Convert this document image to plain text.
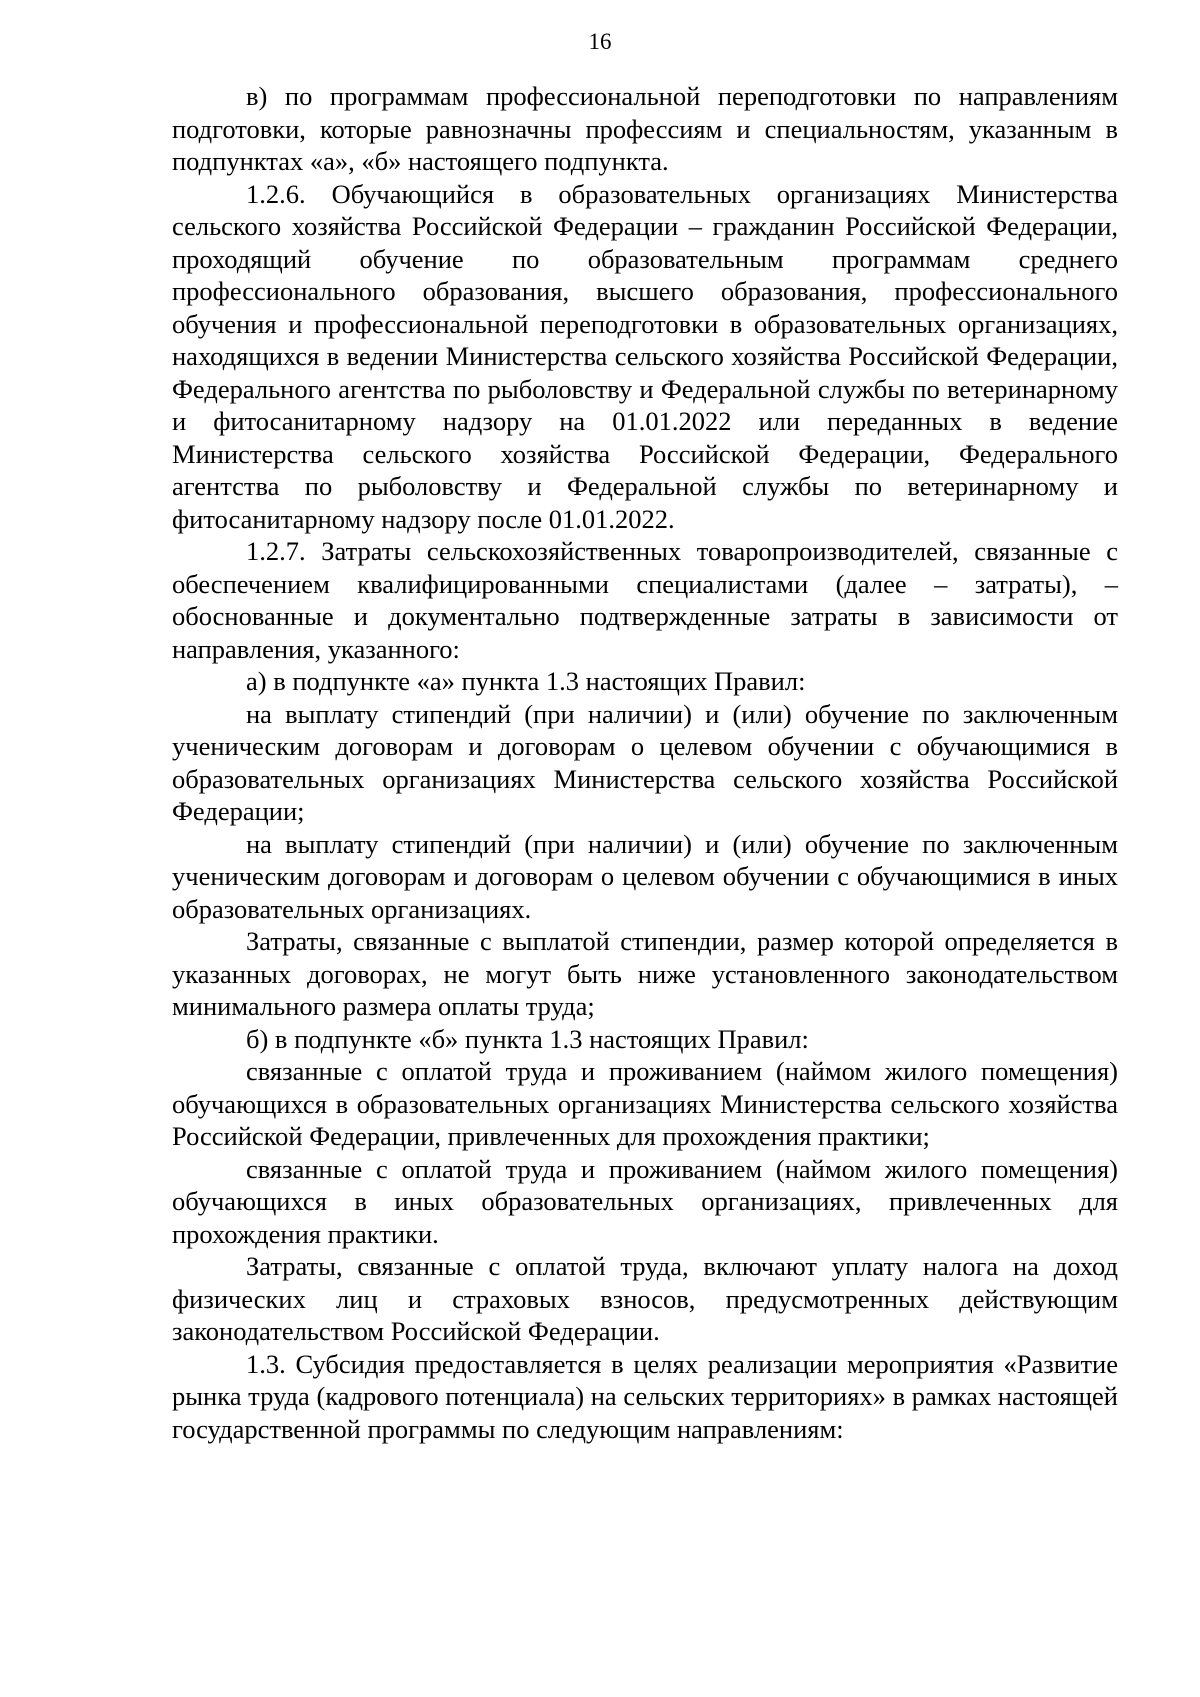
16

в) по программам профессиональной переподготовки по направлениям подготовки, которые равнозначны профессиям и специальностям, указанным в подпунктах «а», «б» настоящего подпункта.

1.2.6. Обучающийся в образовательных организациях Министерства сельского хозяйства Российской Федерации – гражданин Российской Федерации, проходящий обучение по образовательным программам среднего профессионального образования, высшего образования, профессионального обучения и профессиональной переподготовки в образовательных организациях, находящихся в ведении Министерства сельского хозяйства Российской Федерации, Федерального агентства по рыболовству и Федеральной службы по ветеринарному и фитосанитарному надзору на 01.01.2022 или переданных в ведение Министерства сельского хозяйства Российской Федерации, Федерального агентства по рыболовству и Федеральной службы по ветеринарному и фитосанитарному надзору после 01.01.2022.

1.2.7. Затраты сельскохозяйственных товаропроизводителей, связанные с обеспечением квалифицированными специалистами (далее – затраты), – обоснованные и документально подтвержденные затраты в зависимости от направления, указанного:

а) в подпункте «а» пункта 1.3 настоящих Правил:

на выплату стипендий (при наличии) и (или) обучение по заключенным ученическим договорам и договорам о целевом обучении с обучающимися в образовательных организациях Министерства сельского хозяйства Российской Федерации;

на выплату стипендий (при наличии) и (или) обучение по заключенным ученическим договорам и договорам о целевом обучении с обучающимися в иных образовательных организациях.

Затраты, связанные с выплатой стипендии, размер которой определяется в указанных договорах, не могут быть ниже установленного законодательством минимального размера оплаты труда;

б) в подпункте «б» пункта 1.3 настоящих Правил:

связанные с оплатой труда и проживанием (наймом жилого помещения) обучающихся в образовательных организациях Министерства сельского хозяйства Российской Федерации, привлеченных для прохождения практики;

связанные с оплатой труда и проживанием (наймом жилого помещения) обучающихся в иных образовательных организациях, привлеченных для прохождения практики.

Затраты, связанные с оплатой труда, включают уплату налога на доход физических лиц и страховых взносов, предусмотренных действующим законодательством Российской Федерации.

1.3. Субсидия предоставляется в целях реализации мероприятия «Развитие рынка труда (кадрового потенциала) на сельских территориях» в рамках настоящей государственной программы по следующим направлениям:
